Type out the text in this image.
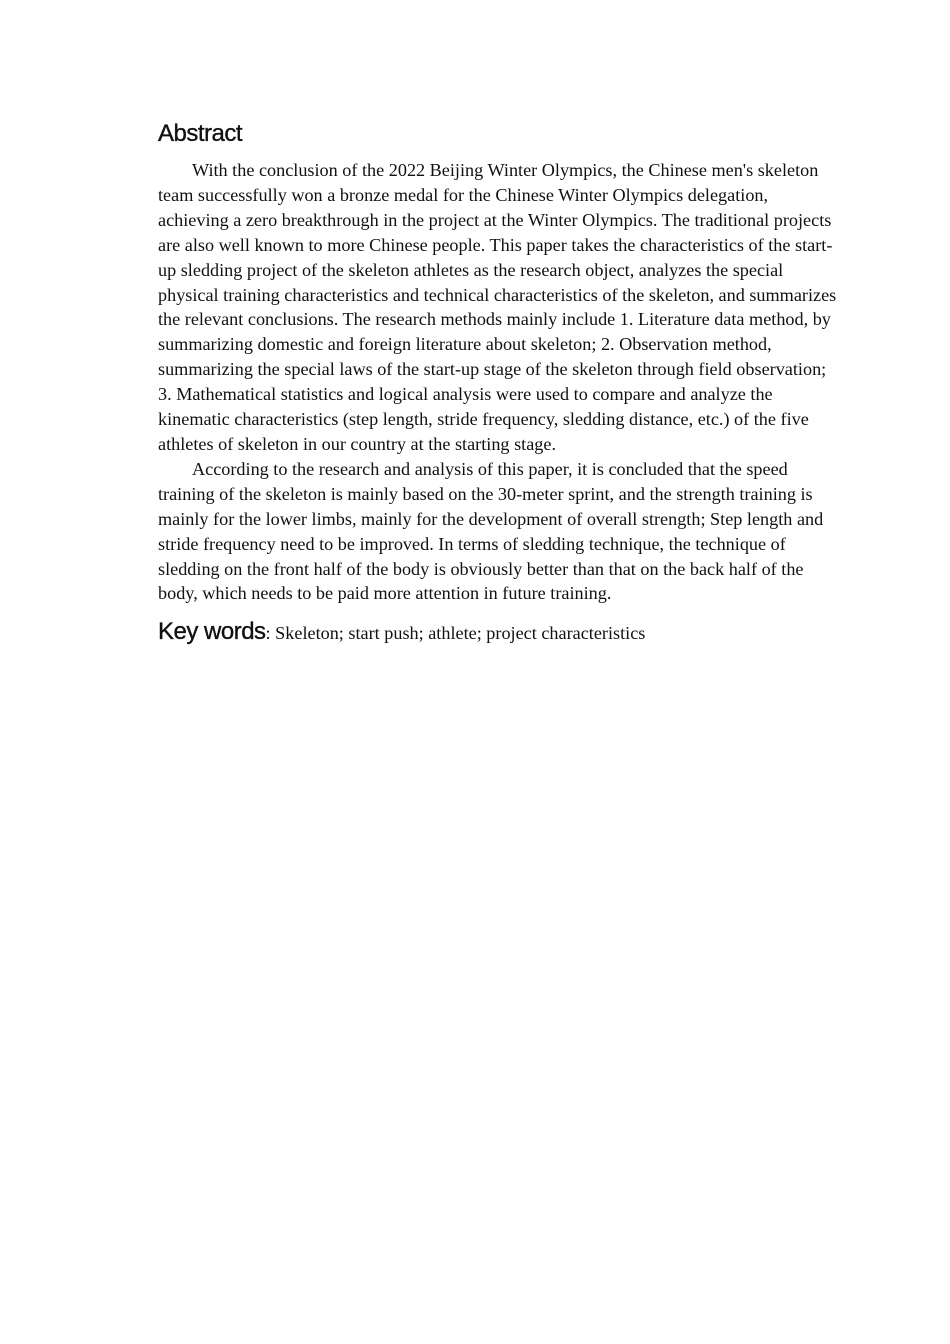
Abstract

With the conclusion of the 2022 Beijing Winter Olympics, the Chinese men's skeleton team successfully won a bronze medal for the Chinese Winter Olympics delegation, achieving a zero breakthrough in the project at the Winter Olympics. The traditional projects are also well known to more Chinese people. This paper takes the characteristics of the start-up sledding project of the skeleton athletes as the research object, analyzes the special physical training characteristics and technical characteristics of the skeleton, and summarizes the relevant conclusions. The research methods mainly include 1. Literature data method, by summarizing domestic and foreign literature about skeleton; 2. Observation method, summarizing the special laws of the start-up stage of the skeleton through field observation; 3. Mathematical statistics and logical analysis were used to compare and analyze the kinematic characteristics (step length, stride frequency, sledding distance, etc.) of the five athletes of skeleton in our country at the starting stage.

According to the research and analysis of this paper, it is concluded that the speed training of the skeleton is mainly based on the 30-meter sprint, and the strength training is mainly for the lower limbs, mainly for the development of overall strength; Step length and stride frequency need to be improved. In terms of sledding technique, the technique of sledding on the front half of the body is obviously better than that on the back half of the body, which needs to be paid more attention in future training.

Key words: Skeleton; start push; athlete; project characteristics
